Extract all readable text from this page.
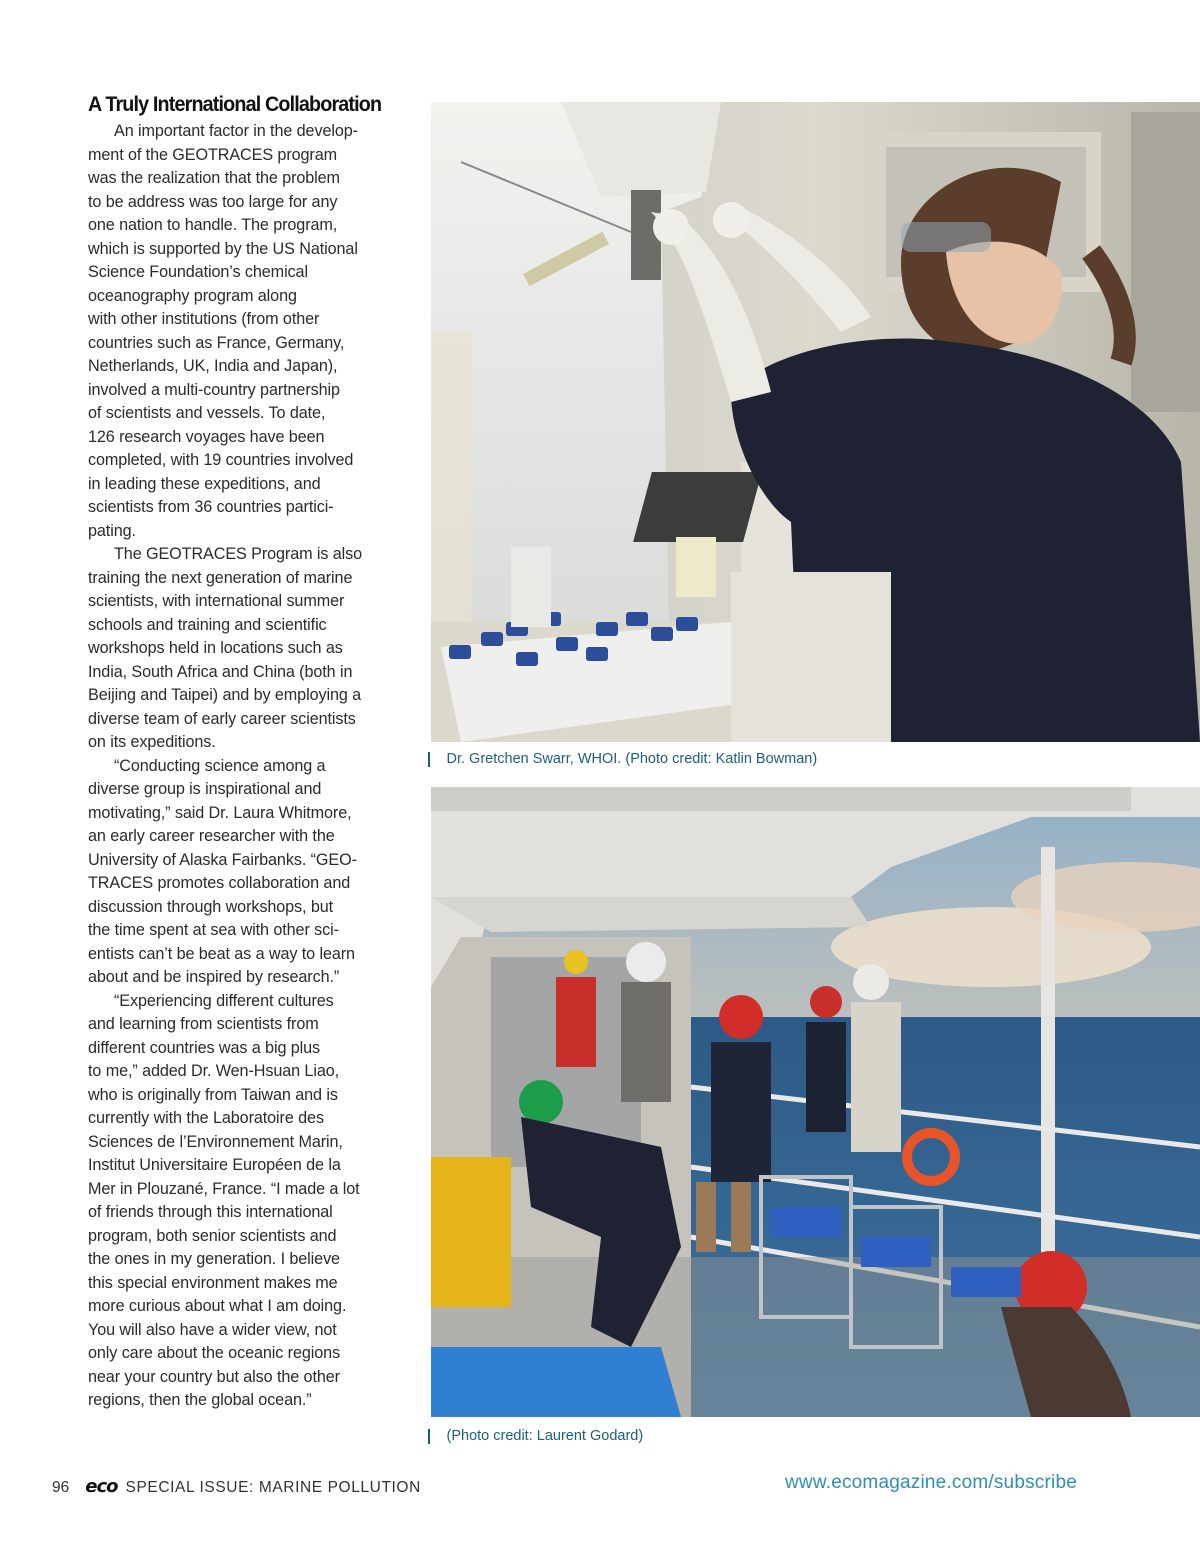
A Truly International Collaboration

An important factor in the develop-
ment of the GEOTRACES program
was the realization that the problem
to be address was too large for any
one nation to handle. The program,
which is supported by the US National
Science Foundation’s chemical
oceanography program along
with other institutions (from other
countries such as France, Germany,
Netherlands, UK, India and Japan),
involved a multi-country partnership
of scientists and vessels. To date,
126 research voyages have been
completed, with 19 countries involved
in leading these expeditions, and
scientists from 36 countries partici-
pating.

The GEOTRACES Program is also
training the next generation of marine
scientists, with international summer
schools and training and scientific
workshops held in locations such as
India, South Africa and China (both in
Beijing and Taipei) and by employing a
diverse team of early career scientists
on its expeditions.

“Conducting science among a
diverse group is inspirational and
motivating,” said Dr. Laura Whitmore,
an early career researcher with the
University of Alaska Fairbanks. “GEO-
TRACES promotes collaboration and
discussion through workshops, but
the time spent at sea with other sci-
entists can’t be beat as a way to learn
about and be inspired by research.”

“Experiencing different cultures
and learning from scientists from
different countries was a big plus
to me,” added Dr. Wen-Hsuan Liao,
who is originally from Taiwan and is
currently with the Laboratoire des
Sciences de l’Environnement Marin,
Institut Universitaire Européen de la
Mer in Plouzané, France. “I made a lot
of friends through this international
program, both senior scientists and
the ones in my generation. I believe
this special environment makes me
more curious about what I am doing.
You will also have a wider view, not
only care about the oceanic regions
near your country but also the other
regions, then the global ocean.”

Dr. Gretchen Swarr, WHOI. (Photo credit: Katlin Bowman)
(Photo credit: Laurent Godard)
96 eco SPECIAL ISSUE: MARINE POLLUTION	www.ecomagazine.com/subscribe
